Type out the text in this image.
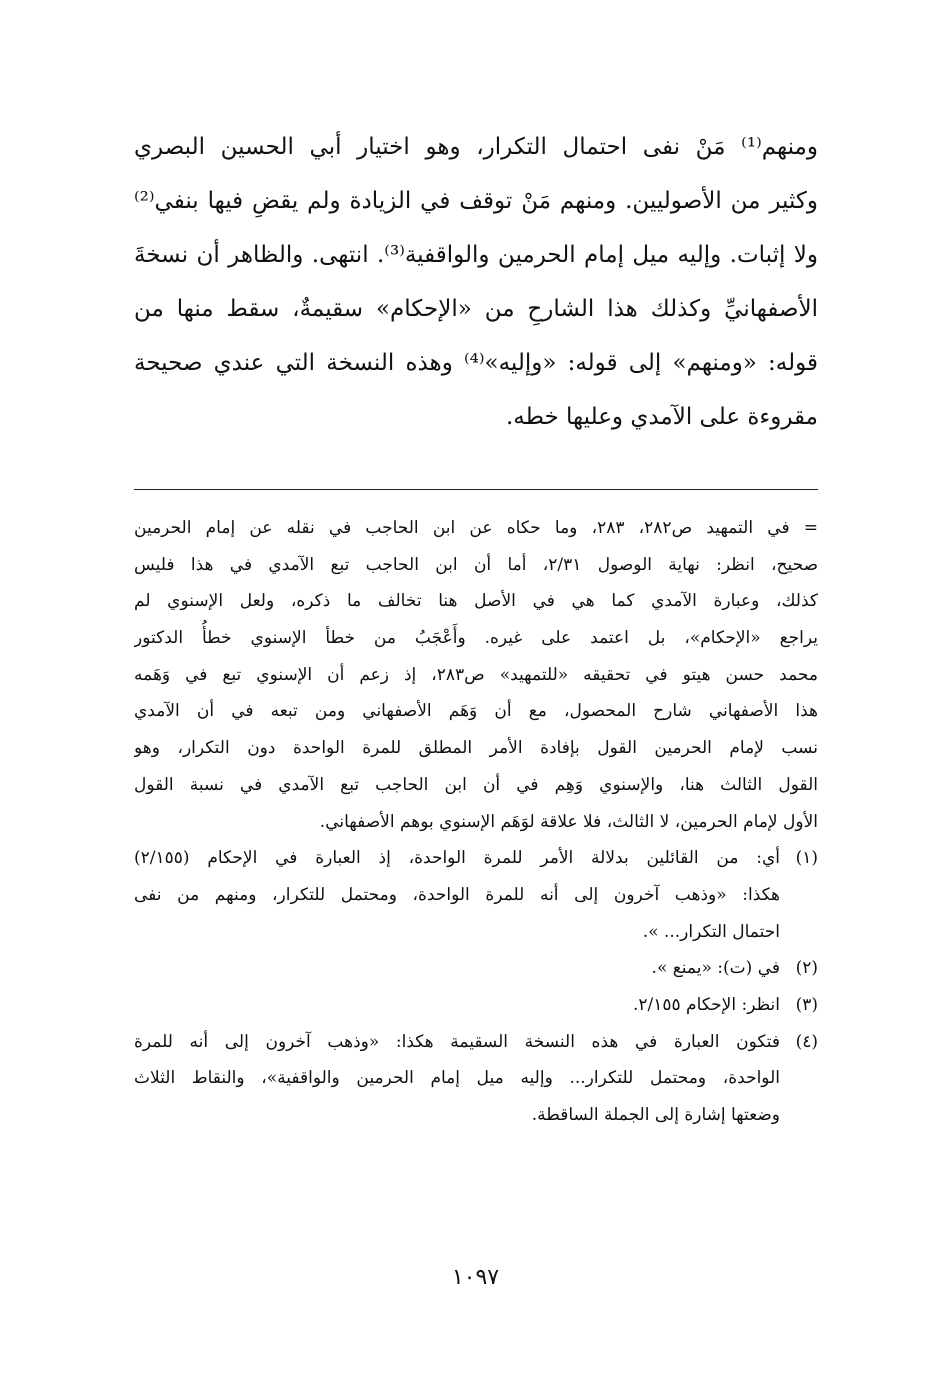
ومنهم⁽¹⁾ مَنْ نفى احتمال التكرار، وهو اختيار أبي الحسين البصري
وكثير من الأصوليين. ومنهم مَنْ توقف في الزيادة ولم يقضِ فيها بنفي⁽²⁾
ولا إثبات. وإليه ميل إمام الحرمين والواقفية⁽³⁾. انتهى. والظاهر أن نسخةَ
الأصفهانيِّ وكذلك هذا الشارحِ من «الإحكام» سقيمةٌ، سقط منها من
قوله: «ومنهم» إلى قوله: «وإليه»⁽⁴⁾ وهذه النسخة التي عندي صحيحة
مقروءة على الآمدي وعليها خطه.
= في التمهيد ص٢٨٢، ٢٨٣، وما حكاه عن ابن الحاجب في نقله عن إمام الحرمين
صحيح، انظر: نهاية الوصول ٢/٣١، أما أن ابن الحاجب تبع الآمدي في هذا فليس
كذلك، وعبارة الآمدي كما هي في الأصل هنا تخالف ما ذكره، ولعل الإسنوي لم
يراجع «الإحكام»، بل اعتمد على غيره. وأَعْجَبُ من خطأ الإسنوي خطأُ الدكتور
محمد حسن هيتو في تحقيقه «للتمهيد» ص٢٨٣، إذ زعم أن الإسنوي تبع في وَهَمه
هذا الأصفهاني شارح المحصول، مع أن وَهَم الأصفهاني ومن تبعه في أن الآمدي
نسب لإمام الحرمين القول بإفادة الأمر المطلق للمرة الواحدة دون التكرار، وهو
القول الثالث هنا، والإسنوي وَهِم في أن ابن الحاجب تبع الآمدي في نسبة القول
الأول لإمام الحرمين، لا الثالث، فلا علاقة لوَهَم الإسنوي بوهم الأصفهاني.
(١)
أي: من القائلين بدلالة الأمر للمرة الواحدة، إذ العبارة في الإحكام (٢/١٥٥)
هكذا: «وذهب آخرون إلى أنه للمرة الواحدة، ومحتمل للتكرار، ومنهم من نفى
احتمال التكرار... ».
(٢)
في (ت): «يمنع ».
(٣)
انظر: الإحكام ٢/١٥٥.
(٤)
فتكون العبارة في هذه النسخة السقيمة هكذا: «وذهب آخرون إلى أنه للمرة
الواحدة، ومحتمل للتكرار... وإليه ميل إمام الحرمين والواقفية»، والنقاط الثلاث
وضعتها إشارة إلى الجملة الساقطة.
١٠٩٧
